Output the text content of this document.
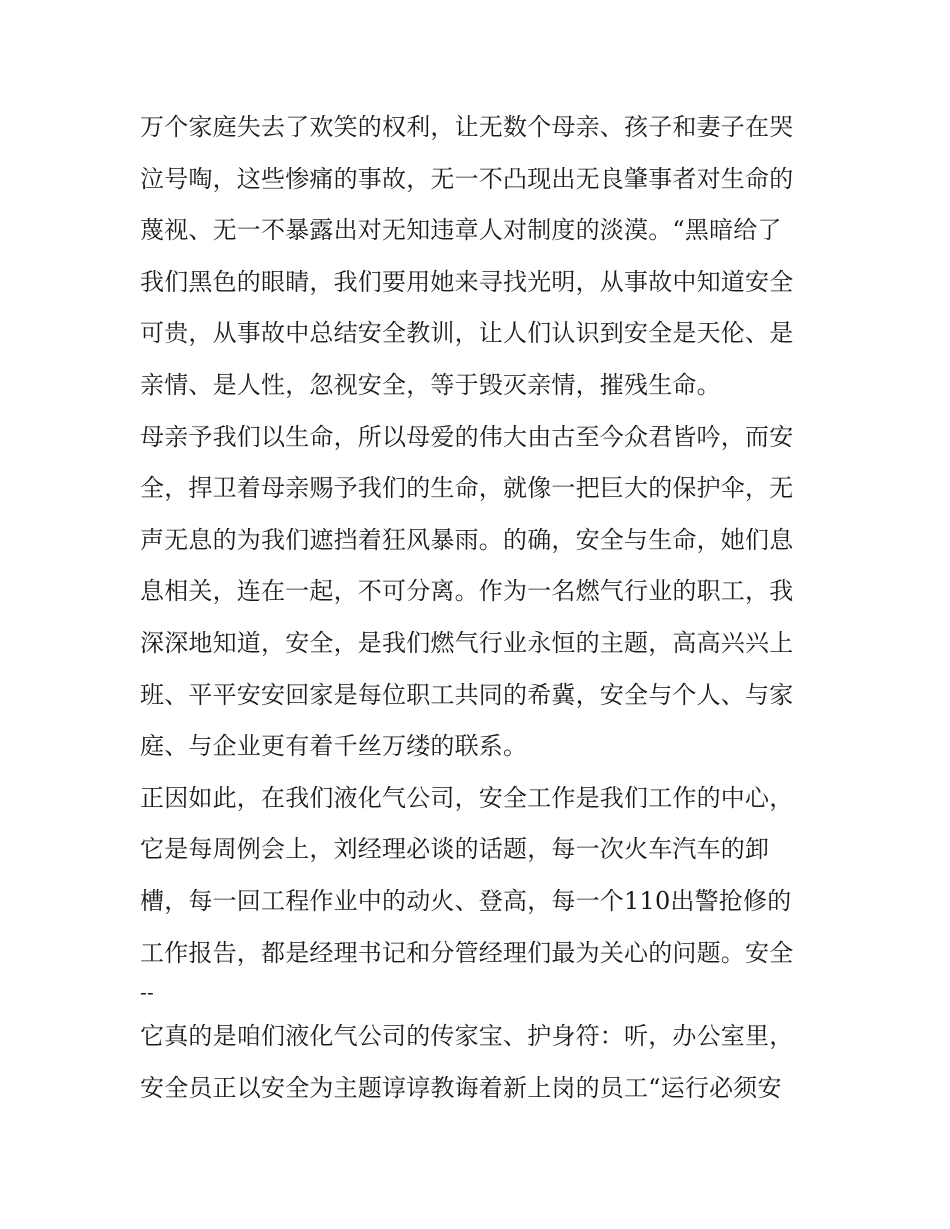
万个家庭失去了欢笑的权利，让无数个母亲、孩子和妻子在哭
泣号啕，这些惨痛的事故，无一不凸现出无良肇事者对生命的
蔑视、无一不暴露出对无知违章人对制度的淡漠。“黑暗给了
我们黑色的眼睛，我们要用她来寻找光明，从事故中知道安全
可贵，从事故中总结安全教训，让人们认识到安全是天伦、是
亲情、是人性，忽视安全，等于毁灭亲情，摧残生命。
母亲予我们以生命，所以母爱的伟大由古至今众君皆吟，而安
全，捍卫着母亲赐予我们的生命，就像一把巨大的保护伞，无
声无息的为我们遮挡着狂风暴雨。的确，安全与生命，她们息
息相关，连在一起，不可分离。作为一名燃气行业的职工，我
深深地知道，安全，是我们燃气行业永恒的主题，高高兴兴上
班、平平安安回家是每位职工共同的希冀，安全与个人、与家
庭、与企业更有着千丝万缕的联系。
正因如此，在我们液化气公司，安全工作是我们工作的中心，
它是每周例会上，刘经理必谈的话题，每一次火车汽车的卸
槽，每一回工程作业中的动火、登高，每一个110出警抢修的
工作报告，都是经理书记和分管经理们最为关心的问题。安全
--
它真的是咱们液化气公司的传家宝、护身符：听，办公室里，
安全员正以安全为主题谆谆教诲着新上岗的员工“运行必须安
